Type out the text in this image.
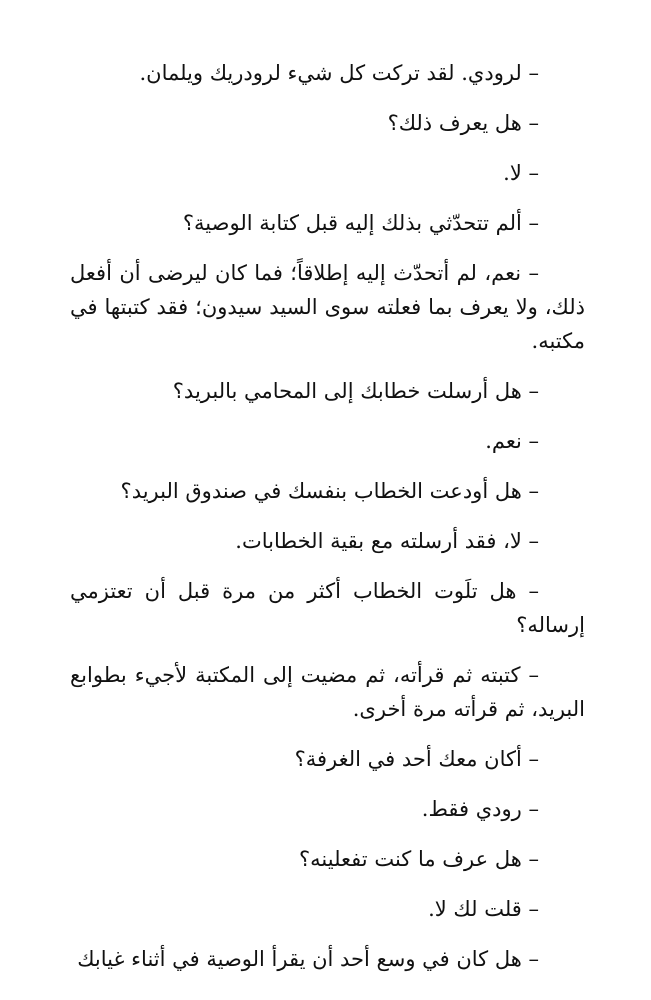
– لرودي. لقد تركت كل شيء لرودريك ويلمان.

– هل يعرف ذلك؟

– لا.

– ألم تتحدّثي بذلك إليه قبل كتابة الوصية؟

– نعم، لم أتحدّث إليه إطلاقاً؛ فما كان ليرضى أن أفعل ذلك، ولا يعرف بما فعلته سوى السيد سيدون؛ فقد كتبتها في مكتبه.

– هل أرسلت خطابك إلى المحامي بالبريد؟

– نعم.

– هل أودعت الخطاب بنفسك في صندوق البريد؟

– لا، فقد أرسلته مع بقية الخطابات.

– هل تلَوت الخطاب أكثر من مرة قبل أن تعتزمي إرساله؟

– كتبته ثم قرأته، ثم مضيت إلى المكتبة لأجيء بطوابع البريد، ثم قرأته مرة أخرى.

– أكان معك أحد في الغرفة؟

– رودي فقط.

– هل عرف ما كنت تفعلينه؟

– قلت لك لا.

– هل كان في وسع أحد أن يقرأ الوصية في أثناء غيابك
